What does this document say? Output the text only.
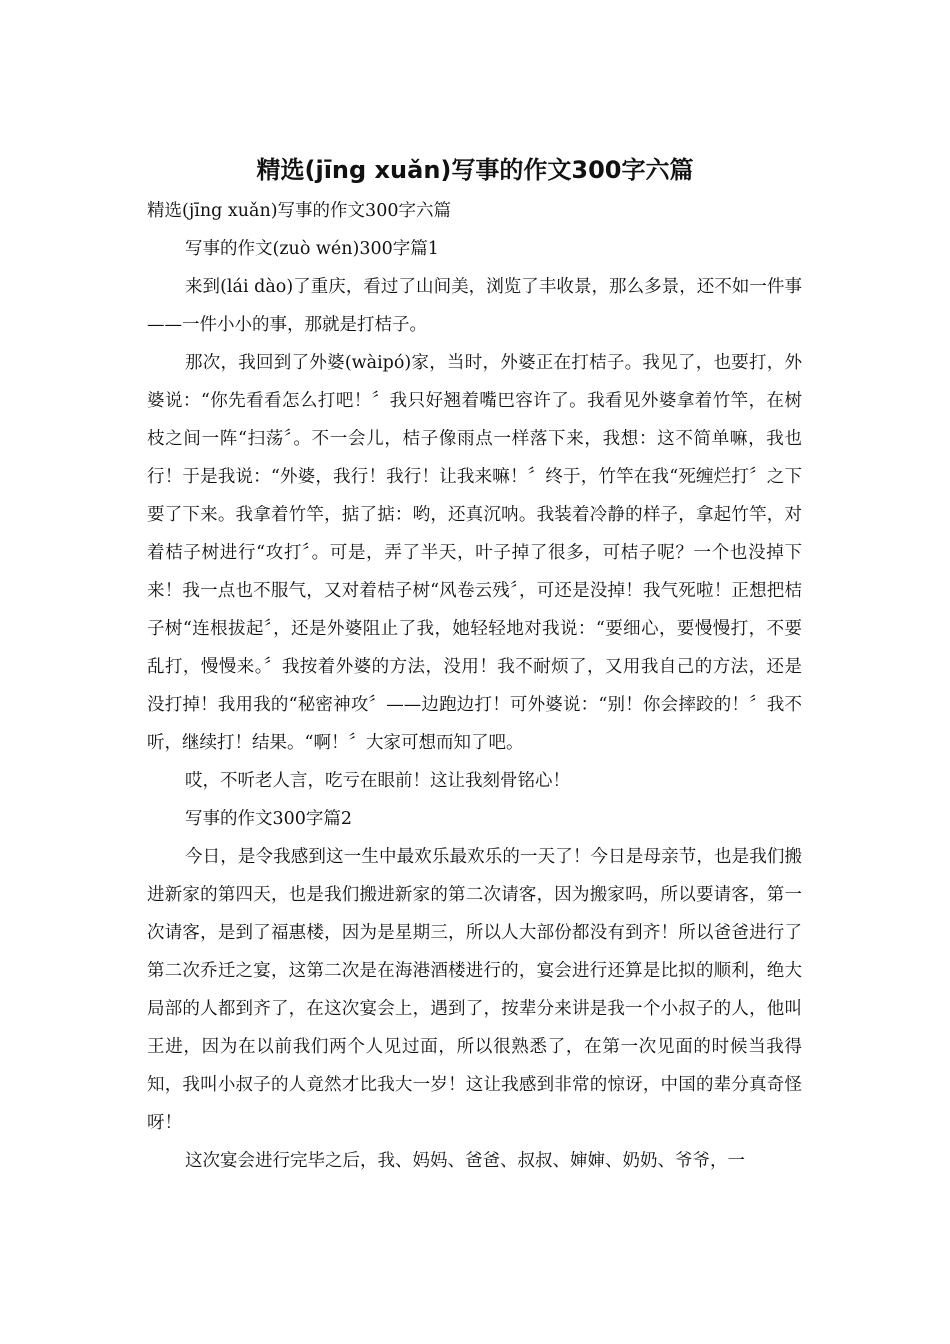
精选(jīng xuǎn)写事的作文300字六篇

精选(jīng xuǎn)写事的作文300字六篇

写事的作文(zuò wén)300字篇1

来到(lái dào)了重庆，看过了山间美，浏览了丰收景，那么多景，还不如一件事——一件小小的事，那就是打桔子。

那次，我回到了外婆(wàipó)家，当时，外婆正在打桔子。我见了，也要打，外婆说：“你先看看怎么打吧！〞我只好翘着嘴巴容许了。我看见外婆拿着竹竿，在树枝之间一阵“扫荡〞。不一会儿，桔子像雨点一样落下来，我想：这不简单嘛，我也行！于是我说：“外婆，我行！我行！让我来嘛！〞终于，竹竿在我“死缠烂打〞之下要了下来。我拿着竹竿，掂了掂：哟，还真沉呐。我装着冷静的样子，拿起竹竿，对着桔子树进行“攻打〞。可是，弄了半天，叶子掉了很多，可桔子呢？一个也没掉下来！我一点也不服气，又对着桔子树“风卷云残〞，可还是没掉！我气死啦！正想把桔子树“连根拔起〞，还是外婆阻止了我，她轻轻地对我说：“要细心，要慢慢打，不要乱打，慢慢来。〞我按着外婆的方法，没用！我不耐烦了，又用我自己的方法，还是没打掉！我用我的“秘密神攻〞——边跑边打！可外婆说：“别！你会摔跤的！〞我不听，继续打！结果。“啊！〞大家可想而知了吧。

哎，不听老人言，吃亏在眼前！这让我刻骨铭心！

写事的作文300字篇2

今日，是令我感到这一生中最欢乐最欢乐的一天了！今日是母亲节，也是我们搬进新家的第四天，也是我们搬进新家的第二次请客，因为搬家吗，所以要请客，第一次请客，是到了福惠楼，因为是星期三，所以人大部份都没有到齐！所以爸爸进行了第二次乔迁之宴，这第二次是在海港酒楼进行的，宴会进行还算是比拟的顺利，绝大局部的人都到齐了，在这次宴会上，遇到了，按辈分来讲是我一个小叔子的人，他叫王进，因为在以前我们两个人见过面，所以很熟悉了，在第一次见面的时候当我得知，我叫小叔子的人竟然才比我大一岁！这让我感到非常的惊讶，中国的辈分真奇怪呀！

这次宴会进行完毕之后，我、妈妈、爸爸、叔叔、婶婶、奶奶、爷爷，一
